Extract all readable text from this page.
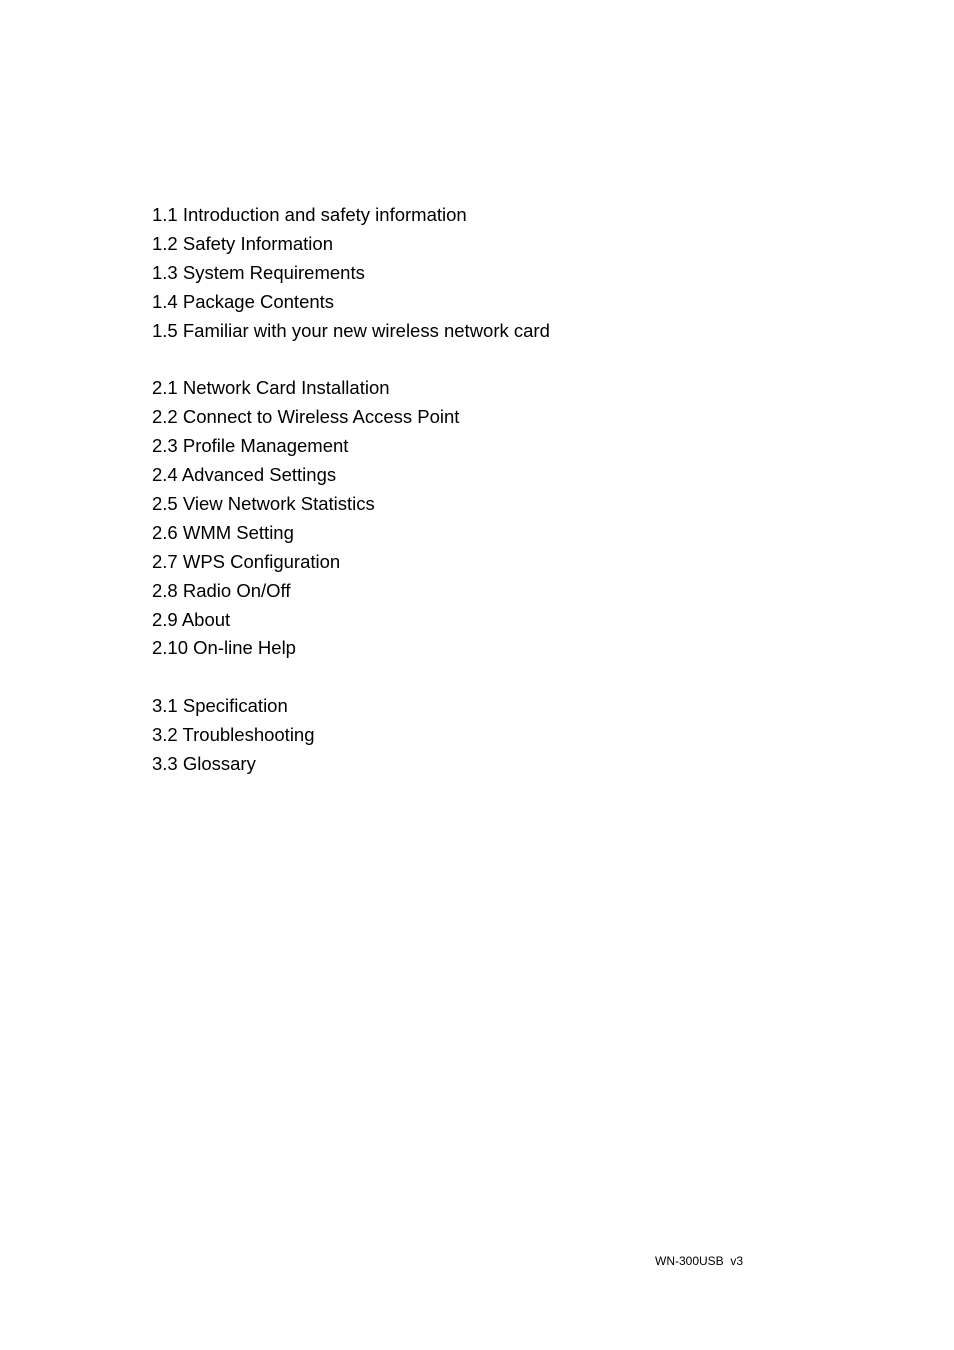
1.1 Introduction and safety information
1.2 Safety Information
1.3 System Requirements
1.4 Package Contents
1.5 Familiar with your new wireless network card
2.1 Network Card Installation
2.2 Connect to Wireless Access Point
2.3 Profile Management
2.4 Advanced Settings
2.5 View Network Statistics
2.6 WMM Setting
2.7 WPS Configuration
2.8 Radio On/Off
2.9 About
2.10 On-line Help
3.1 Specification
3.2 Troubleshooting
3.3 Glossary
WN-300USB  v3
